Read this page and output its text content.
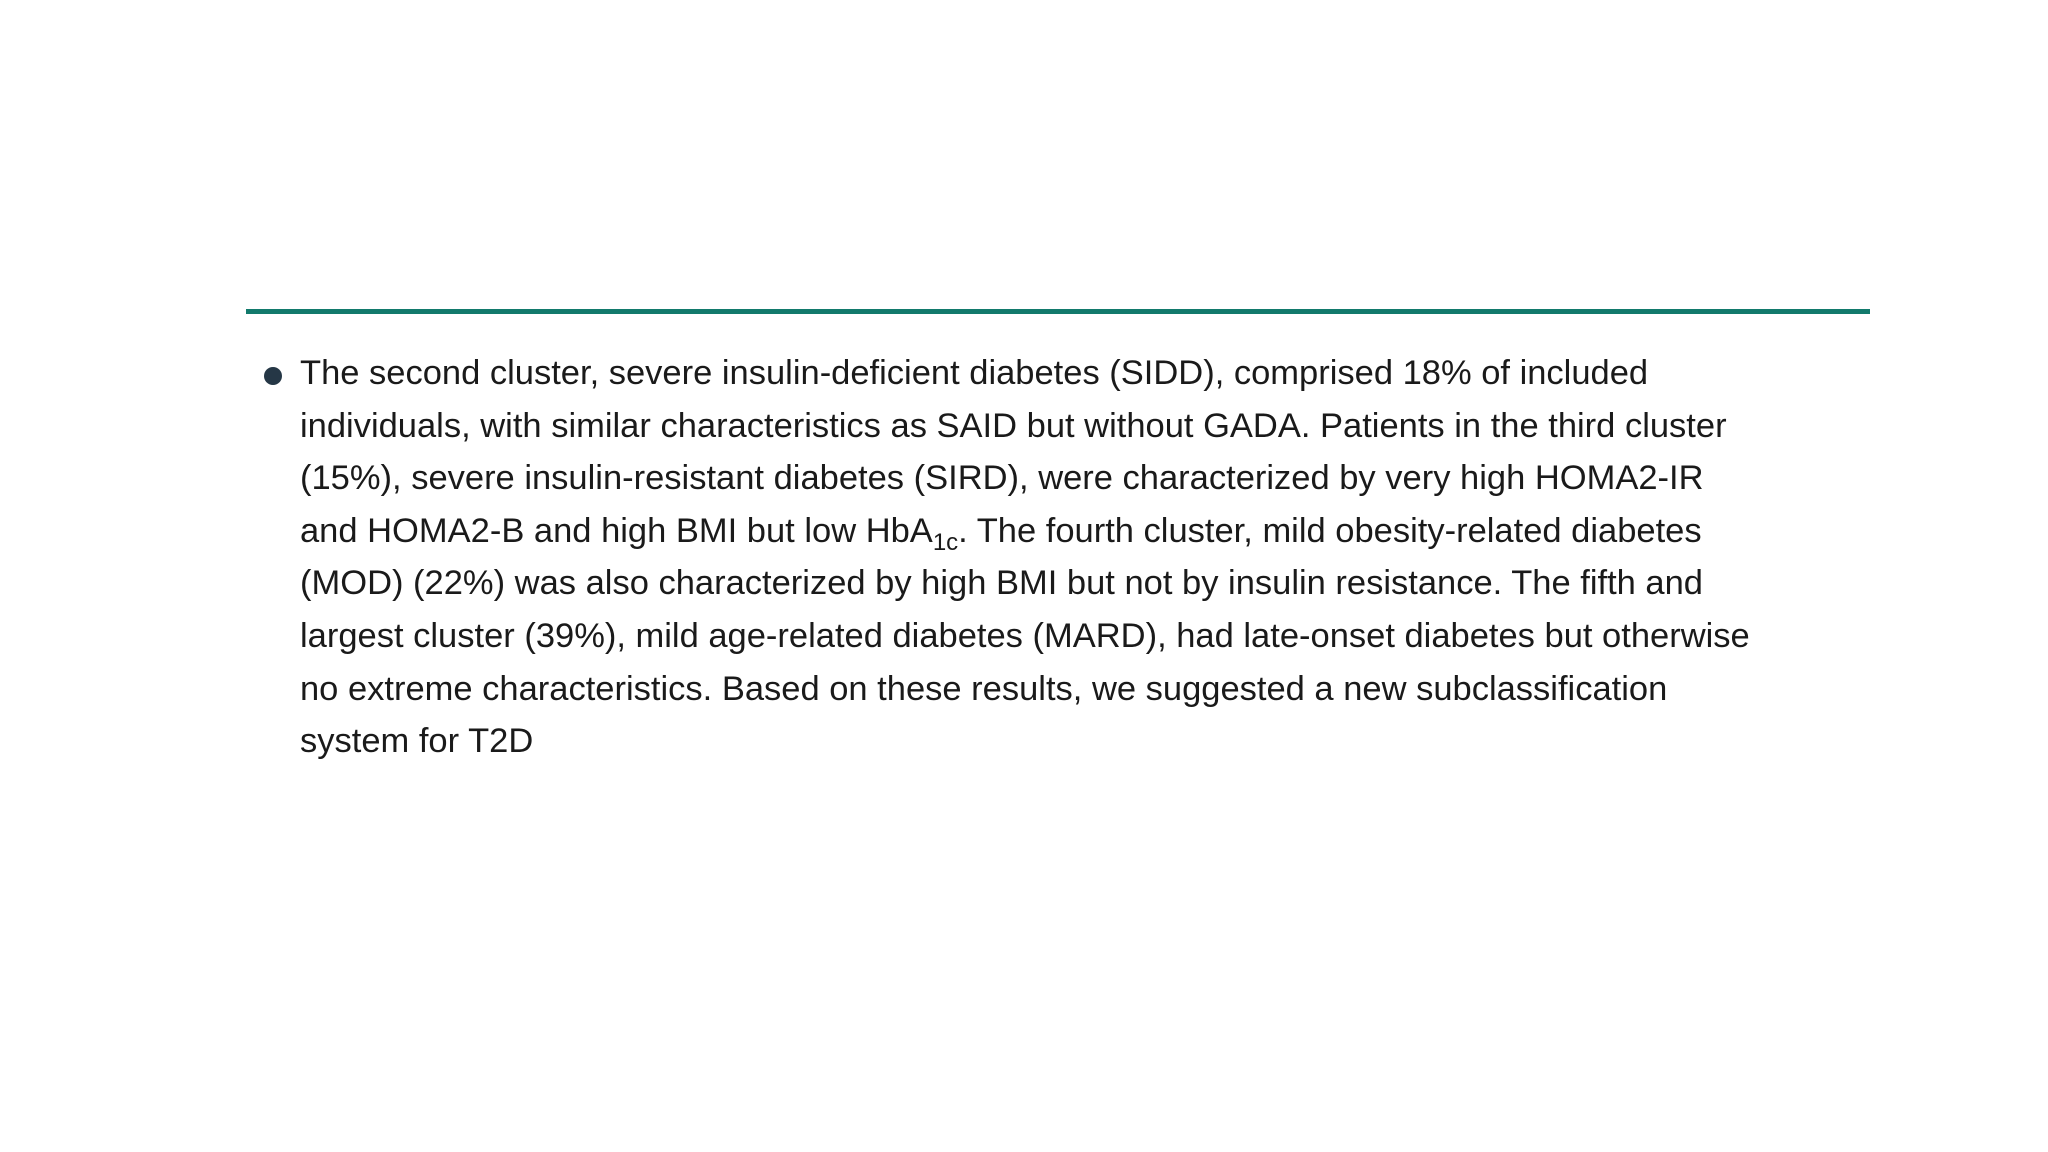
The second cluster, severe insulin-deficient diabetes (SIDD), comprised 18% of included
individuals, with similar characteristics as SAID but without GADA. Patients in the third cluster
(15%), severe insulin-resistant diabetes (SIRD), were characterized by very high HOMA2-IR
and HOMA2-B and high BMI but low HbA$_{1c}$. The fourth cluster, mild obesity-related diabetes
(MOD) (22%) was also characterized by high BMI but not by insulin resistance. The fifth and
largest cluster (39%), mild age-related diabetes (MARD), had late-onset diabetes but otherwise
no extreme characteristics. Based on these results, we suggested a new subclassification
system for T2D
